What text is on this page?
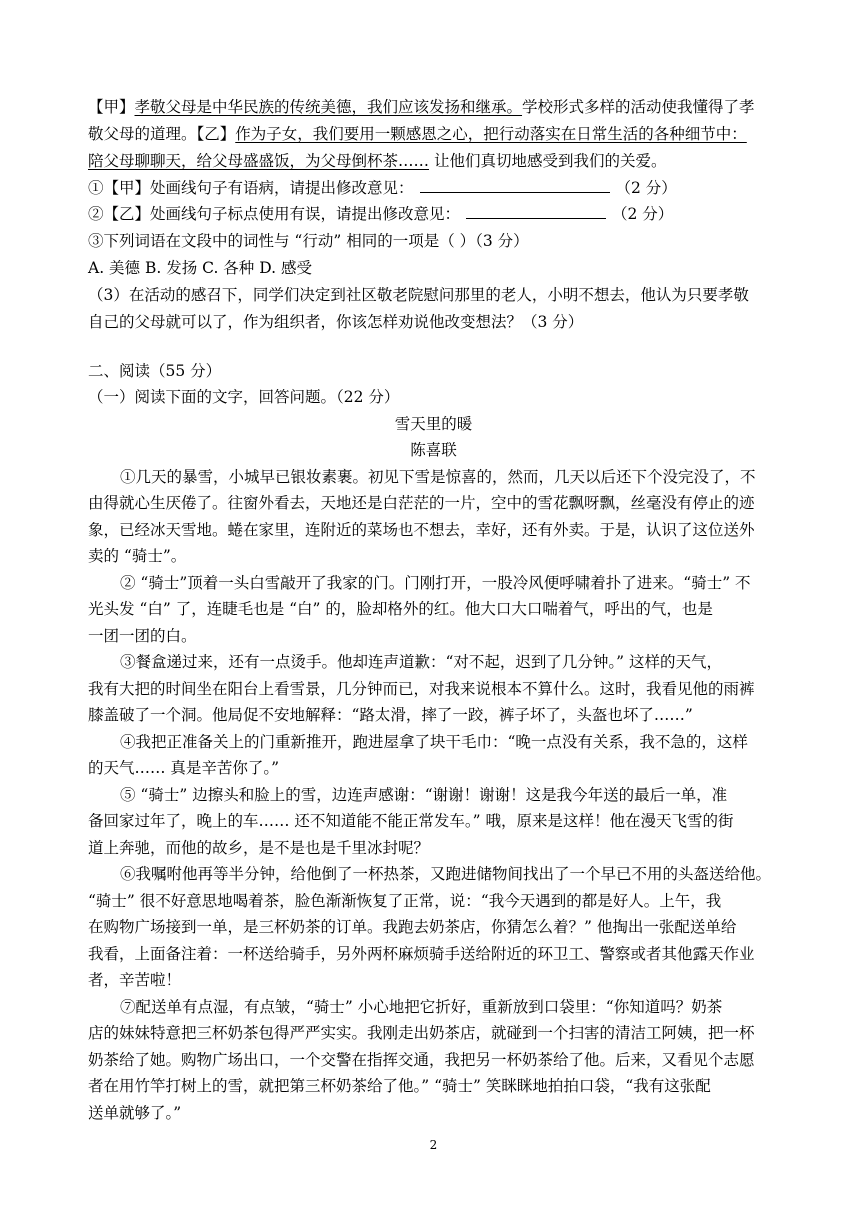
【甲】孝敬父母是中华民族的传统美德，我们应该发扬和继承。学校形式多样的活动使我懂得了孝
敬父母的道理。【乙】作为子女，我们要用一颗感恩之心，把行动落实在日常生活的各种细节中：
陪父母聊聊天，给父母盛盛饭，为父母倒杯茶…… 让他们真切地感受到我们的关爱。
①【甲】处画线句子有语病，请提出修改意见：	（2 分）
②【乙】处画线句子标点使用有误，请提出修改意见：	（2 分）
③下列词语在文段中的词性与 “行动” 相同的一项是（ ）（3 分）
A. 美德 B. 发扬 C. 各种 D. 感受
（3）在活动的感召下，同学们决定到社区敬老院慰问那里的老人，小明不想去，他认为只要孝敬
自己的父母就可以了，作为组织者，你该怎样劝说他改变想法？（3 分）
二、阅读（55 分）
（一）阅读下面的文字，回答问题。（22 分）
雪天里的暖
陈喜联
①几天的暴雪，小城早已银妆素裹。初见下雪是惊喜的，然而，几天以后还下个没完没了，不
由得就心生厌倦了。往窗外看去，天地还是白茫茫的一片，空中的雪花飘呀飘，丝毫没有停止的迹
象，已经冰天雪地。蜷在家里，连附近的菜场也不想去，幸好，还有外卖。于是，认识了这位送外
卖的 “骑士”。
② “骑士”顶着一头白雪敲开了我家的门。门刚打开，一股冷风便呼啸着扑了进来。“骑士” 不
光头发 “白” 了，连睫毛也是 “白” 的，脸却格外的红。他大口大口喘着气，呼出的气，也是
一团一团的白。
③餐盒递过来，还有一点烫手。他却连声道歉：“对不起，迟到了几分钟。” 这样的天气，
我有大把的时间坐在阳台上看雪景，几分钟而已，对我来说根本不算什么。这时，我看见他的雨裤
膝盖破了一个洞。他局促不安地解释：“路太滑，摔了一跤，裤子坏了，头盔也坏了……”
④我把正准备关上的门重新推开，跑进屋拿了块干毛巾：“晚一点没有关系，我不急的，这样
的天气…… 真是辛苦你了。”
⑤ “骑士” 边擦头和脸上的雪，边连声感谢：“谢谢！谢谢！这是我今年送的最后一单，准
备回家过年了，晚上的车…… 还不知道能不能正常发车。” 哦，原来是这样！他在漫天飞雪的街
道上奔驰，而他的故乡，是不是也是千里冰封呢？
⑥我嘱咐他再等半分钟，给他倒了一杯热茶，又跑进储物间找出了一个早已不用的头盔送给他。
“骑士” 很不好意思地喝着茶，脸色渐渐恢复了正常，说：“我今天遇到的都是好人。上午，我
在购物广场接到一单，是三杯奶茶的订单。我跑去奶茶店，你猜怎么着？” 他掏出一张配送单给
我看，上面备注着：一杯送给骑手，另外两杯麻烦骑手送给附近的环卫工、警察或者其他露天作业
者，辛苦啦！
⑦配送单有点湿，有点皱，“骑士” 小心地把它折好，重新放到口袋里：“你知道吗？奶茶
店的妹妹特意把三杯奶茶包得严严实实。我刚走出奶茶店，就碰到一个扫害的清洁工阿姨，把一杯
奶茶给了她。购物广场出口，一个交警在指挥交通，我把另一杯奶茶给了他。后来，又看见个志愿
者在用竹竿打树上的雪，就把第三杯奶茶给了他。” “骑士” 笑眯眯地拍拍口袋，“我有这张配
送单就够了。”
2
